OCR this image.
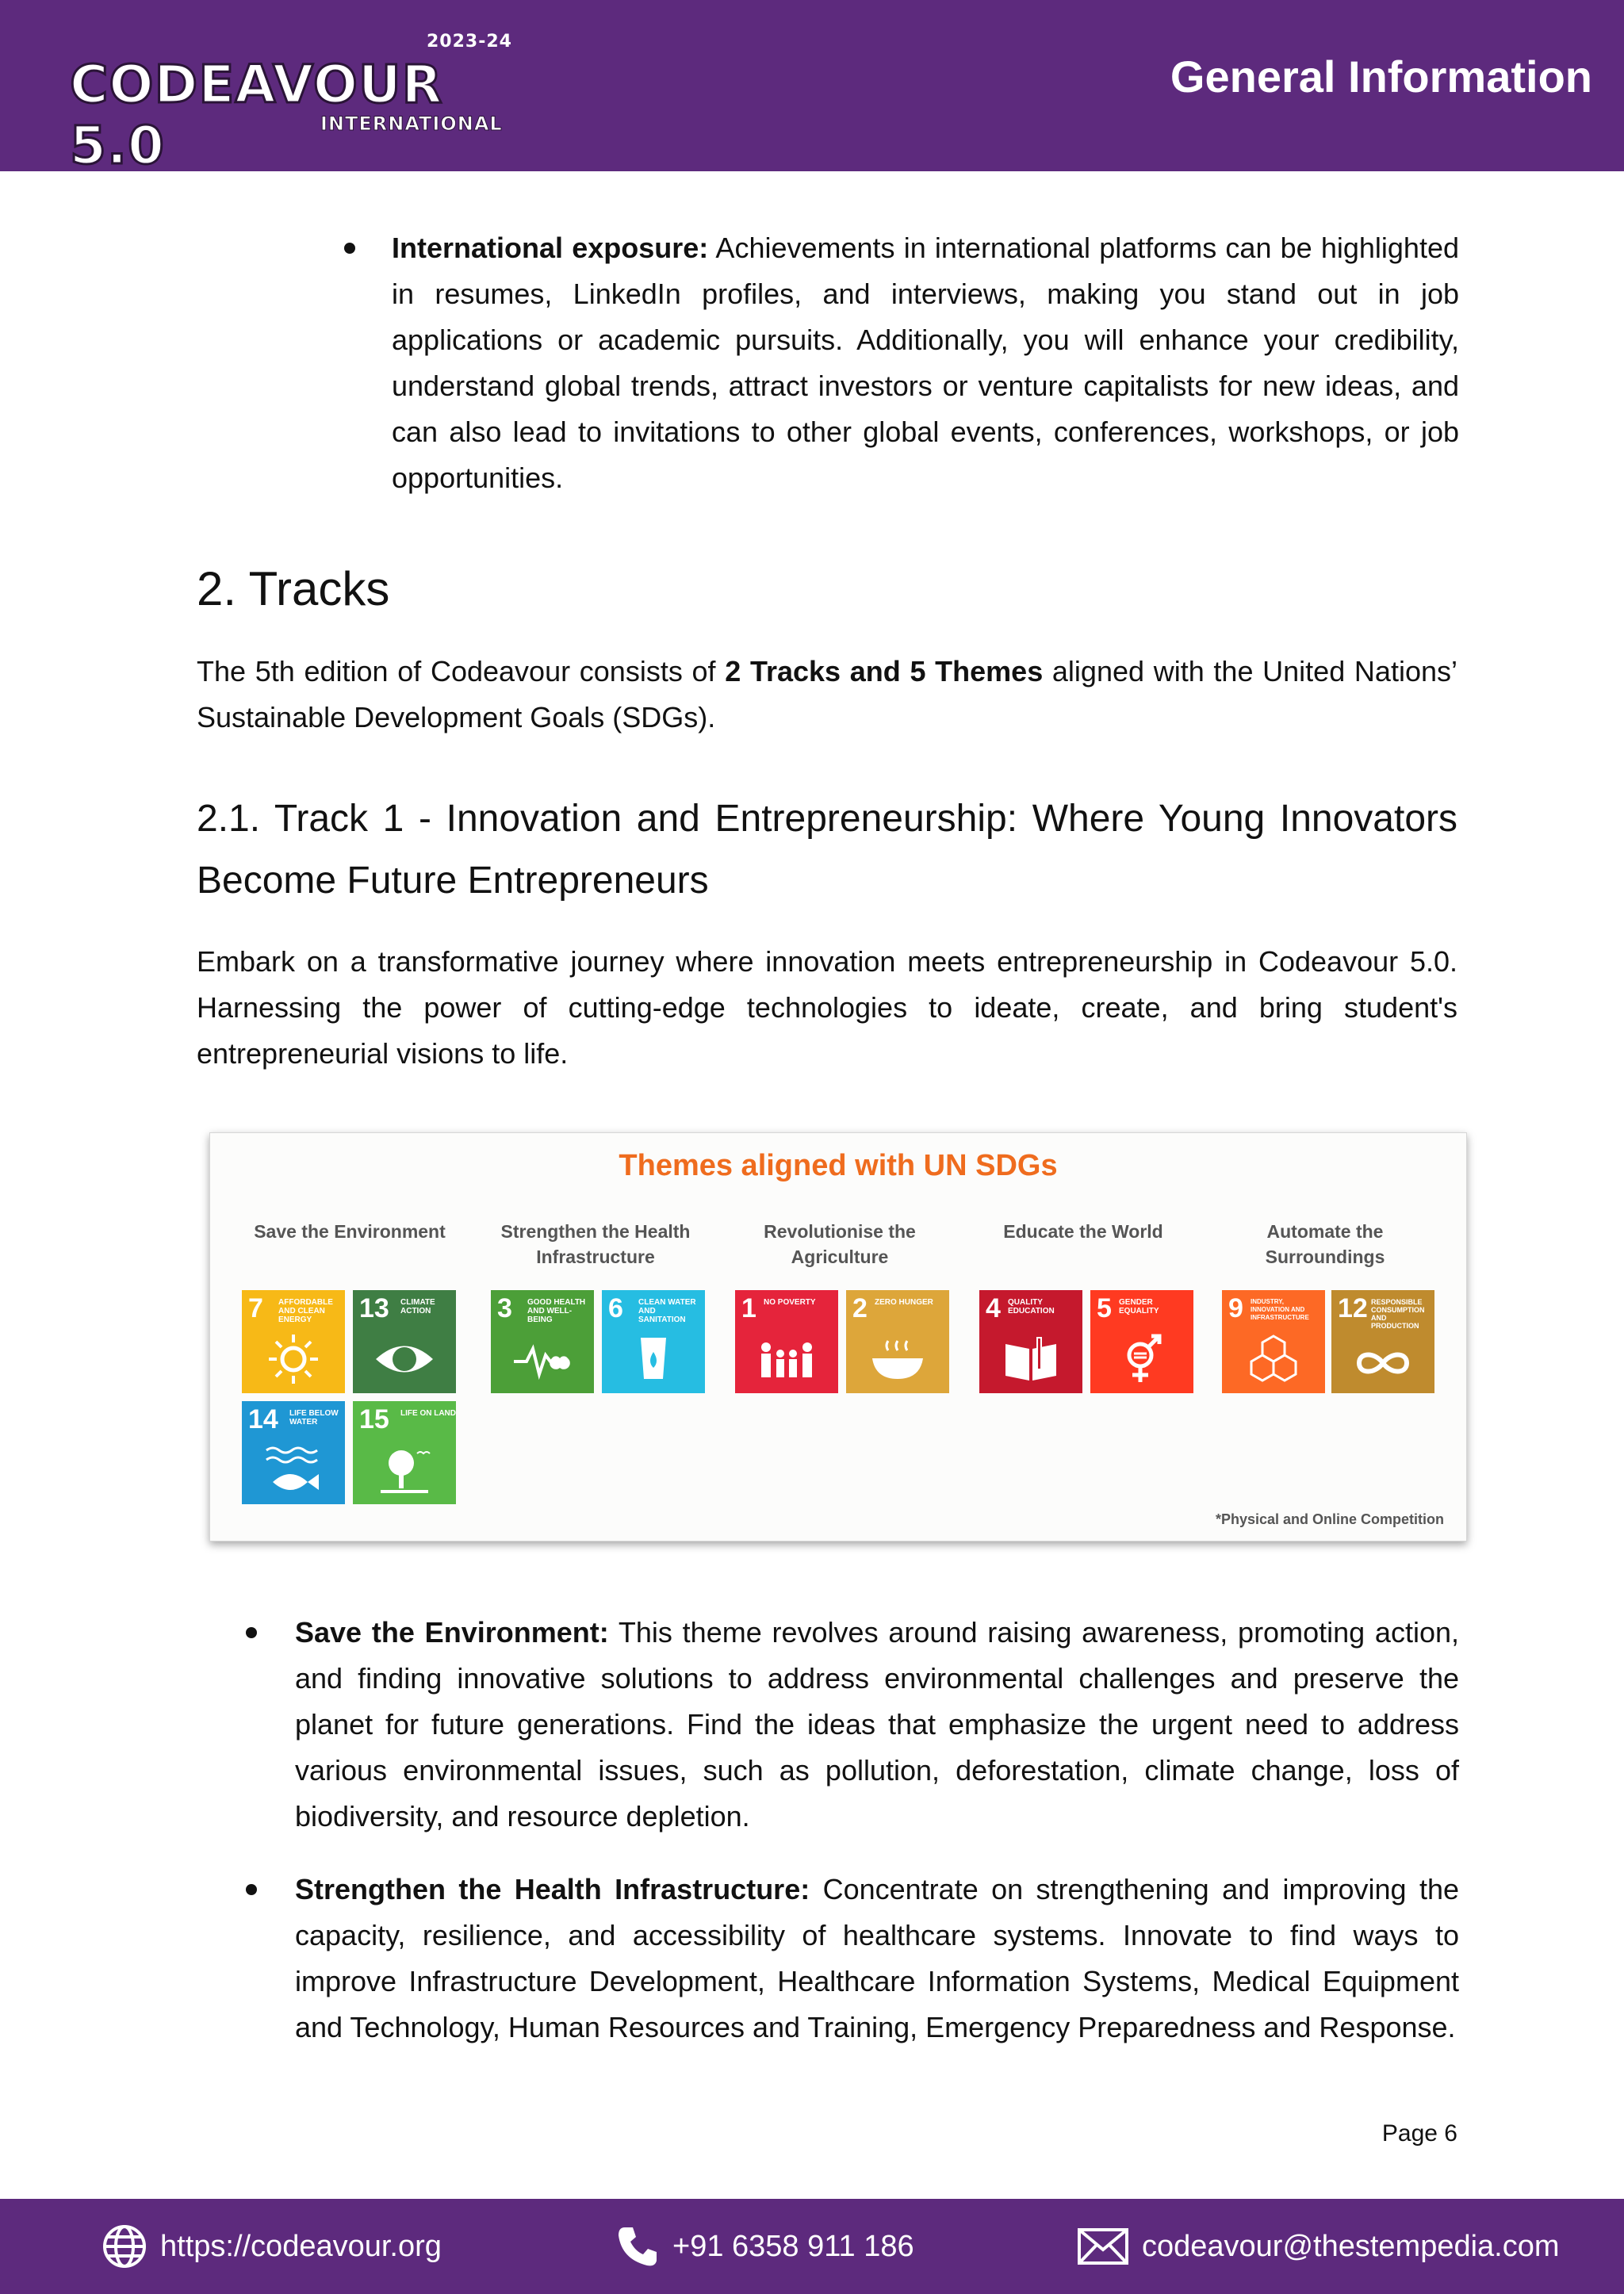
2023-24
CODEAVOUR 5.0	INTERNATIONAL
General Information
International exposure: Achievements in international platforms can be highlighted in resumes, LinkedIn profiles, and interviews, making you stand out in job applications or academic pursuits. Additionally, you will enhance your credibility, understand global trends, attract investors or venture capitalists for new ideas, and can also lead to invitations to other global events, conferences, workshops, or job opportunities.
2. Tracks
The 5th edition of Codeavour consists of 2 Tracks and 5 Themes aligned with the United Nations’ Sustainable Development Goals (SDGs).
2.1. Track 1 - Innovation and Entrepreneurship: Where Young Innovators Become Future Entrepreneurs
Embark on a transformative journey where innovation meets entrepreneurship in Codeavour 5.0. Harnessing the power of cutting-edge technologies to ideate, create, and bring student's entrepreneurial visions to life.
Themes aligned with UN SDGs
Save the Environment	Strengthen the Health Infrastructure
Revolutionise the Agriculture
Educate the World	Automate the Surroundings
7 AFFORDABLE AND CLEAN ENERGY	13 CLIMATE ACTION
14 LIFE BELOW WATER	15 LIFE ON LAND
3 GOOD HEALTH AND WELL-BEING	6 CLEAN WATER AND SANITATION	1 NO POVERTY	2 ZERO HUNGER 4 QUALITY EDUCATION	5 GENDER EQUALITY	9 INDUSTRY, INNOVATION AND INFRASTRUCTURE 12 RESPONSIBLE CONSUMPTION AND PRODUCTION
*Physical and Online Competition
Save the Environment: This theme revolves around raising awareness, promoting action, and finding innovative solutions to address environmental challenges and preserve the planet for future generations. Find the ideas that emphasize the urgent need to address various environmental issues, such as pollution, deforestation, climate change, loss of biodiversity, and resource depletion.
Strengthen the Health Infrastructure: Concentrate on strengthening and improving the capacity, resilience, and accessibility of healthcare systems. Innovate to find ways to improve Infrastructure Development, Healthcare Information Systems, Medical Equipment and Technology, Human Resources and Training, Emergency Preparedness and Response.
Page 6
https://codeavour.org	+91 6358 911 186	codeavour@thestempedia.com
